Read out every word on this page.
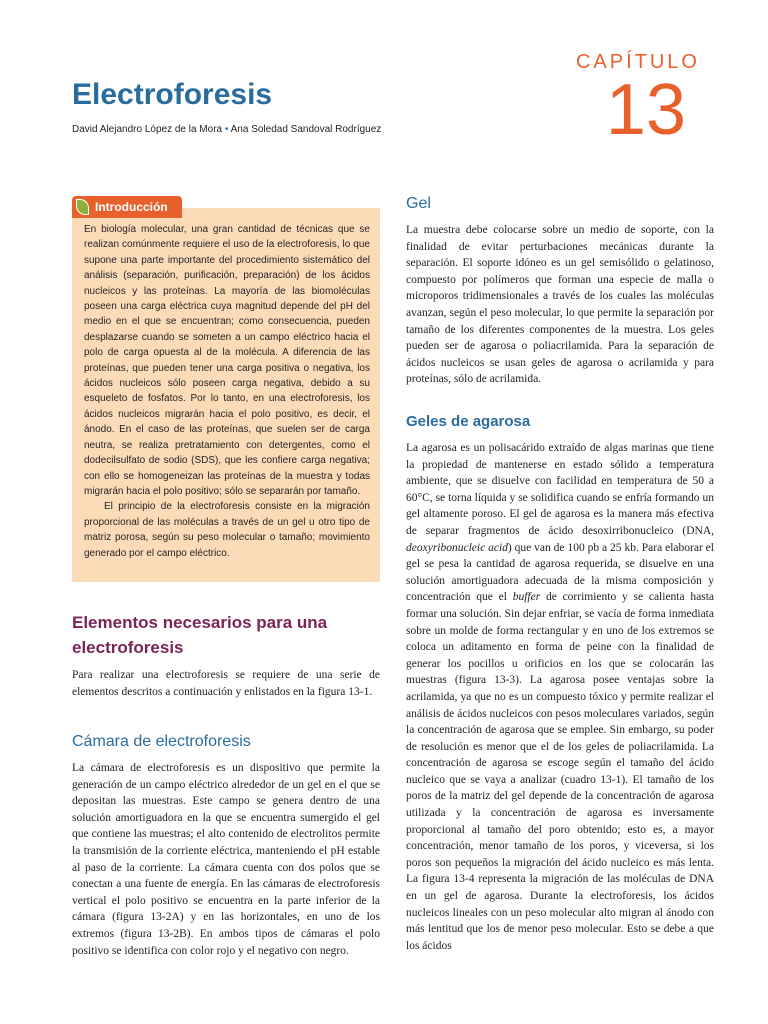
CAPÍTULO
13
Electroforesis
David Alejandro López de la Mora • Ana Soledad Sandoval Rodríguez

En biología molecular, una gran cantidad de técnicas que se realizan comúnmente requiere el uso de la electroforesis, lo que supone una parte importante del procedimiento sistemático del análisis (separación, purificación, preparación) de los ácidos nucleicos y las proteínas. La mayoría de las biomoléculas poseen una carga eléctrica cuya magnitud depende del pH del medio en el que se encuentran; como consecuencia, pueden desplazarse cuando se someten a un campo eléctrico hacia el polo de carga opuesta al de la molécula. A diferencia de las proteínas, que pueden tener una carga positiva o negativa, los ácidos nucleicos sólo poseen carga negativa, debido a su esqueleto de fosfatos. Por lo tanto, en una electroforesis, los ácidos nucleicos migrarán hacia el polo positivo, es decir, el ánodo. En el caso de las proteínas, que suelen ser de carga neutra, se realiza pretratamiento con detergentes, como el dodecilsulfato de sodio (SDS), que les confiere carga negativa; con ello se homogeneizan las proteínas de la muestra y todas migrarán hacia el polo positivo; sólo se separarán por tamaño.

El principio de la electroforesis consiste en la migración proporcional de las moléculas a través de un gel u otro tipo de matriz porosa, según su peso molecular o tamaño; movimiento generado por el campo eléctrico.

Introducción
Elementos necesarios para una electroforesis

Para realizar una electroforesis se requiere de una serie de elementos descritos a continuación y enlistados en la figura 13-1.

Cámara de electroforesis

La cámara de electroforesis es un dispositivo que permite la generación de un campo eléctrico alrededor de un gel en el que se depositan las muestras. Este campo se genera dentro de una solución amortiguadora en la que se encuentra sumergido el gel que contiene las muestras; el alto contenido de electrolitos permite la transmisión de la corriente eléctrica, manteniendo el pH estable al paso de la corriente. La cámara cuenta con dos polos que se conectan a una fuente de energía. En las cámaras de electroforesis vertical el polo positivo se encuentra en la parte inferior de la cámara (figura 13-2A) y en las horizontales, en uno de los extremos (figura 13-2B). En ambos tipos de cámaras el polo positivo se identifica con color rojo y el negativo con negro.

Gel

La muestra debe colocarse sobre un medio de soporte, con la finalidad de evitar perturbaciones mecánicas durante la separación. El soporte idóneo es un gel semisólido o gelatinoso, compuesto por polímeros que forman una especie de malla o microporos tridimensionales a través de los cuales las moléculas avanzan, según el peso molecular, lo que permite la separación por tamaño de los diferentes componentes de la muestra. Los geles pueden ser de agarosa o poliacrilamida. Para la separación de ácidos nucleicos se usan geles de agarosa o acrilamida y para proteínas, sólo de acrilamida.

Geles de agarosa

La agarosa es un polisacárido extraído de algas marinas que tiene la propiedad de mantenerse en estado sólido a temperatura ambiente, que se disuelve con facilidad en temperatura de 50 a 60°C, se torna líquida y se solidifica cuando se enfría formando un gel altamente poroso. El gel de agarosa es la manera más efectiva de separar fragmentos de ácido desoxirribonucleico (DNA, deoxyribonucleic acid) que van de 100 pb a 25 kb. Para elaborar el gel se pesa la cantidad de agarosa requerida, se disuelve en una solución amortiguadora adecuada de la misma composición y concentración que el buffer de corrimiento y se calienta hasta formar una solución. Sin dejar enfriar, se vacía de forma inmediata sobre un molde de forma rectangular y en uno de los extremos se coloca un aditamento en forma de peine con la finalidad de generar los pocillos u orificios en los que se colocarán las muestras (figura 13-3). La agarosa posee ventajas sobre la acrilamida, ya que no es un compuesto tóxico y permite realizar el análisis de ácidos nucleicos con pesos moleculares variados, según la concentración de agarosa que se emplee. Sin embargo, su poder de resolución es menor que el de los geles de poliacrilamida. La concentración de agarosa se escoge según el tamaño del ácido nucleico que se vaya a analizar (cuadro 13-1). El tamaño de los poros de la matriz del gel depende de la concentración de agarosa utilizada y la concentración de agarosa es inversamente proporcional al tamaño del poro obtenido; esto es, a mayor concentración, menor tamaño de los poros, y viceversa, si los poros son pequeños la migración del ácido nucleico es más lenta. La figura 13-4 representa la migración de las moléculas de DNA en un gel de agarosa. Durante la electroforesis, los ácidos nucleicos lineales con un peso molecular alto migran al ánodo con más lentitud que los de menor peso molecular. Esto se debe a que los ácidos
